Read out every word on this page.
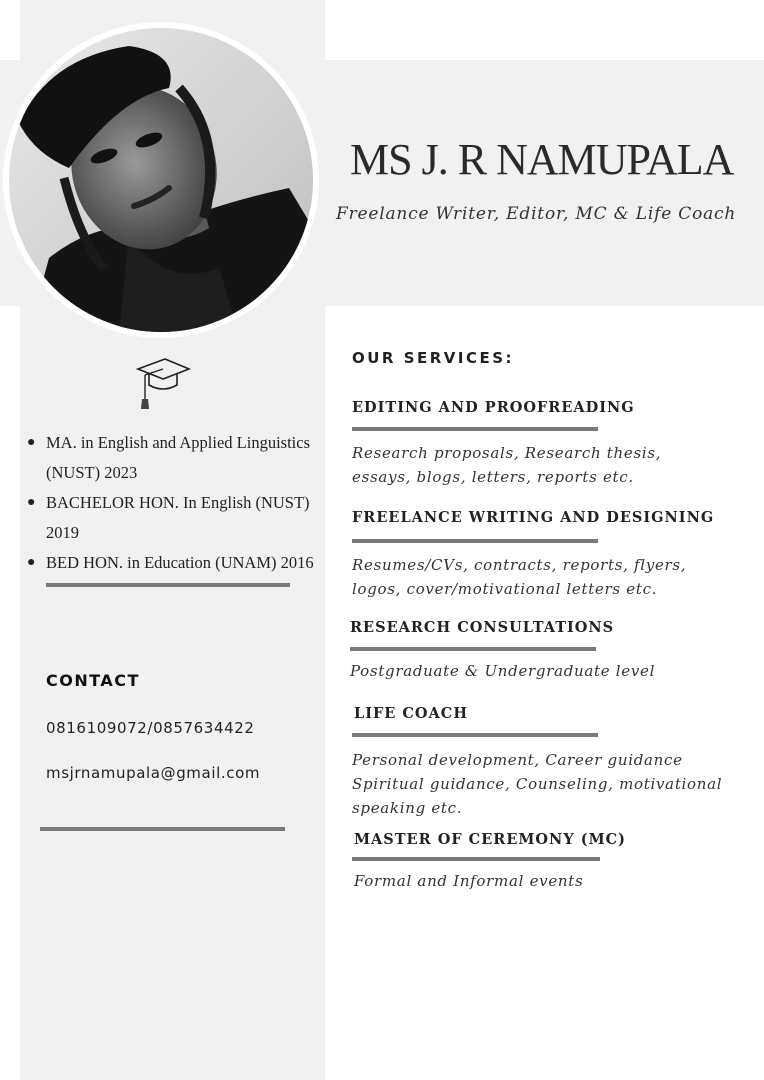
MS J. R NAMUPALA
Freelance Writer, Editor, MC & Life Coach
● MA. in English and Applied Linguistics (NUST) 2023
● BACHELOR HON. In English (NUST) 2019
● BED HON. in Education (UNAM) 2016
CONTACT
0816109072/0857634422
msjrnamupala@gmail.com
OUR SERVICES:
EDITING AND PROOFREADING
Research proposals, Research thesis,
essays, blogs, letters, reports etc.
FREELANCE WRITING AND DESIGNING
Resumes/CVs, contracts, reports, flyers,
logos, cover/motivational letters etc.
RESEARCH CONSULTATIONS
Postgraduate & Undergraduate level
LIFE COACH
Personal development, Career guidance
Spiritual guidance, Counseling, motivational
speaking etc.
MASTER OF CEREMONY (MC)
Formal and Informal events
